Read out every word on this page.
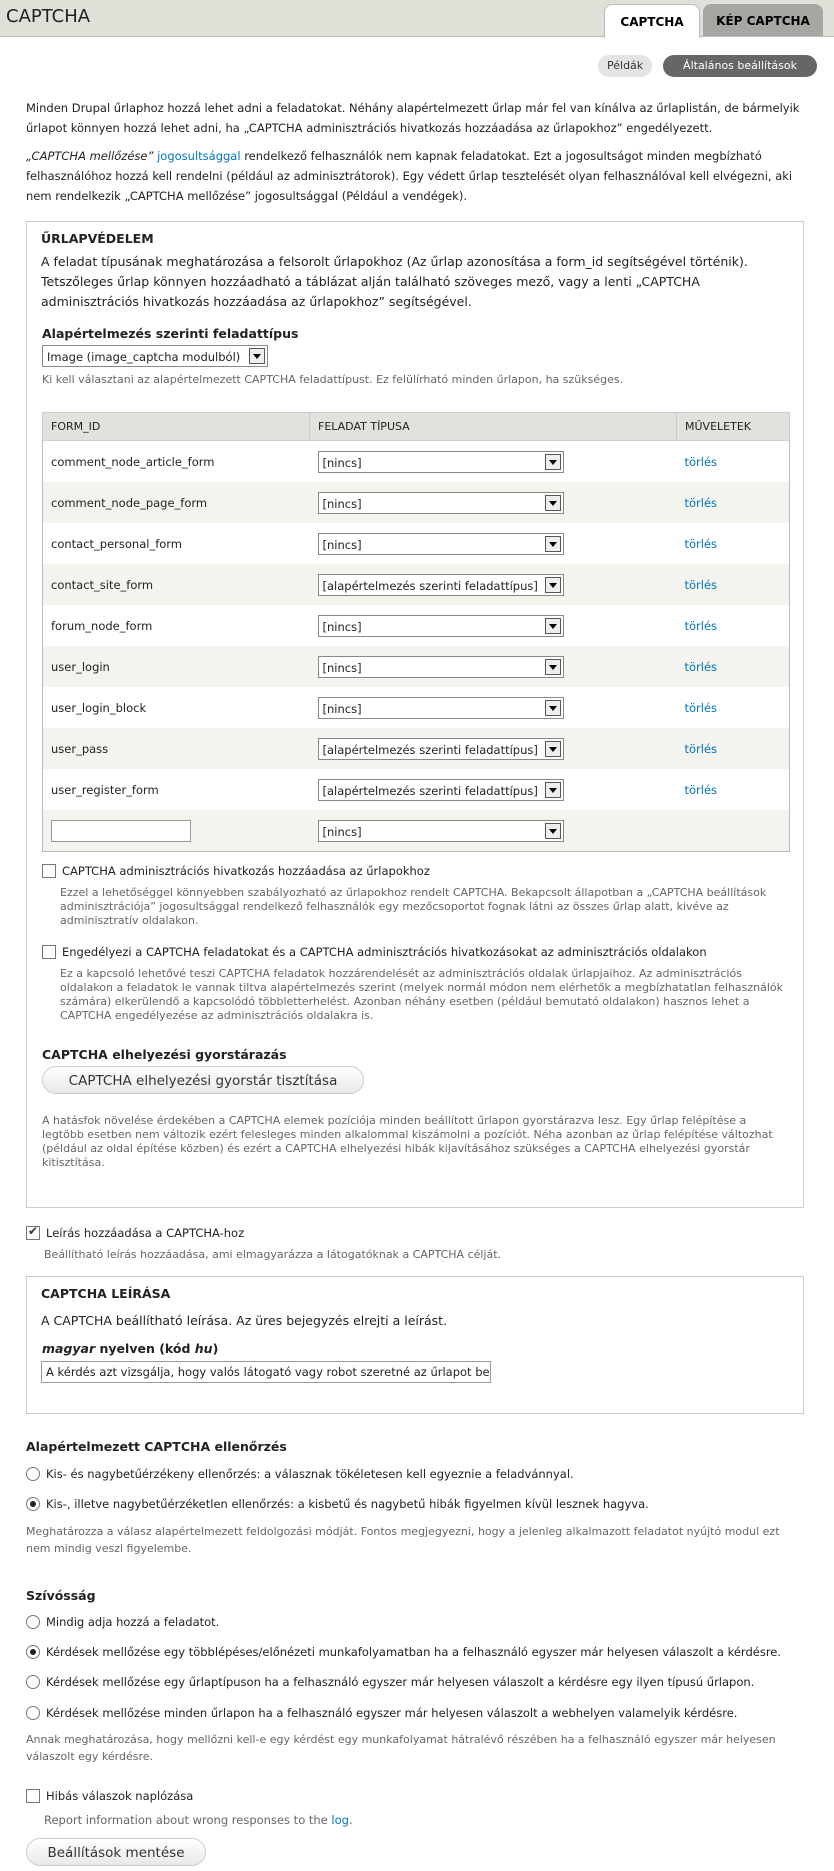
CAPTCHA	CAPTCHA	KÉP CAPTCHA
Példák	Általános beállítások
Minden Drupal űrlaphoz hozzá lehet adni a feladatokat. Néhány alapértelmezett űrlap már fel van kínálva az űrlaplistán, de bármelyik űrlapot könnyen hozzá lehet adni, ha „CAPTCHA adminisztrációs hivatkozás hozzáadása az űrlapokhoz” engedélyezett.
„CAPTCHA mellőzése” jogosultsággal rendelkező felhasználók nem kapnak feladatokat. Ezt a jogosultságot minden megbízható felhasználóhoz hozzá kell rendelni (például az adminisztrátorok). Egy védett űrlap tesztelését olyan felhasználóval kell elvégezni, aki nem rendelkezik „CAPTCHA mellőzése” jogosultsággal (Például a vendégek).
ŰRLAPVÉDELEM
A feladat típusának meghatározása a felsorolt űrlapokhoz (Az űrlap azonosítása a form_id segítségével történik). Tetszőleges űrlap könnyen hozzáadható a táblázat alján található szöveges mező, vagy a lenti „CAPTCHA adminisztrációs hivatkozás hozzáadása az űrlapokhoz” segítségével.
Alapértelmezés szerinti feladattípus
Image (image_captcha modulból)
Ki kell választani az alapértelmezett CAPTCHA feladattípust. Ez felülírható minden űrlapon, ha szükséges.
FORM_ID	FELADAT TÍPUSA	MŰVELETEK
comment_node_article_form	[nincs]	törlés
comment_node_page_form	[nincs]	törlés
contact_personal_form	[nincs]	törlés
contact_site_form	[alapértelmezés szerinti feladattípus]	törlés
forum_node_form	[nincs]	törlés
user_login	[nincs]	törlés
user_login_block	[nincs]	törlés
user_pass	[alapértelmezés szerinti feladattípus]	törlés
user_register_form	[alapértelmezés szerinti feladattípus]	törlés

	[nincs]	

CAPTCHA adminisztrációs hivatkozás hozzáadása az űrlapokhoz
Ezzel a lehetőséggel könnyebben szabályozható az űrlapokhoz rendelt CAPTCHA. Bekapcsolt állapotban a „CAPTCHA beállítások adminisztrációja” jogosultsággal rendelkező felhasználók egy mezőcsoportot fognak látni az összes űrlap alatt, kivéve az adminisztratív oldalakon.
Engedélyezi a CAPTCHA feladatokat és a CAPTCHA adminisztrációs hivatkozásokat az adminisztrációs oldalakon
Ez a kapcsoló lehetővé teszi CAPTCHA feladatok hozzárendelését az adminisztrációs oldalak űrlapjaihoz. Az adminisztrációs oldalakon a feladatok le vannak tiltva alapértelmezés szerint (melyek normál módon nem elérhetők a megbízhatatlan felhasználók számára) elkerülendő a kapcsolódó többletterhelést. Azonban néhány esetben (például bemutató oldalakon) hasznos lehet a CAPTCHA engedélyezése az adminisztrációs oldalakra is.
CAPTCHA elhelyezési gyorstárazás
CAPTCHA elhelyezési gyorstár tisztítása
A hatásfok növelése érdekében a CAPTCHA elemek pozíciója minden beállított űrlapon gyorstárazva lesz. Egy űrlap felépítése a legtöbb esetben nem változik ezért felesleges minden alkalommal kiszámolni a pozíciót. Néha azonban az űrlap felépítése változhat (például az oldal építése közben) és ezért a CAPTCHA elhelyezési hibák kijavításához szükséges a CAPTCHA elhelyezési gyorstár kitisztítása.
✔
Leírás hozzáadása a CAPTCHA-hoz
Beállítható leírás hozzáadása, ami elmagyarázza a látogatóknak a CAPTCHA célját.
CAPTCHA LEÍRÁSA
A CAPTCHA beállítható leírása. Az üres bejegyzés elrejti a leírást.
magyar nyelven (kód hu)
A kérdés azt vizsgálja, hogy valós látogató vagy robot szeretné az űrlapot be
Alapértelmezett CAPTCHA ellenőrzés
Kis- és nagybetűérzékeny ellenőrzés: a válasznak tökéletesen kell egyeznie a feladvánnyal.
Kis-, illetve nagybetűérzéketlen ellenőrzés: a kisbetű és nagybetű hibák figyelmen kívül lesznek hagyva.
Meghatározza a válasz alapértelmezett feldolgozási módját. Fontos megjegyezni, hogy a jelenleg alkalmazott feladatot nyújtó modul ezt nem mindig veszi figyelembe.
Szívósság
Mindig adja hozzá a feladatot.
Kérdések mellőzése egy többlépéses/előnézeti munkafolyamatban ha a felhasználó egyszer már helyesen válaszolt a kérdésre.
Kérdések mellőzése egy űrlaptípuson ha a felhasználó egyszer már helyesen válaszolt a kérdésre egy ilyen típusú űrlapon.
Kérdések mellőzése minden űrlapon ha a felhasználó egyszer már helyesen válaszolt a webhelyen valamelyik kérdésre.
Annak meghatározása, hogy mellőzni kell-e egy kérdést egy munkafolyamat hátralévő részében ha a felhasználó egyszer már helyesen válaszolt egy kérdésre.
Hibás válaszok naplózása
Report information about wrong responses to the log.
Beállítások mentése
